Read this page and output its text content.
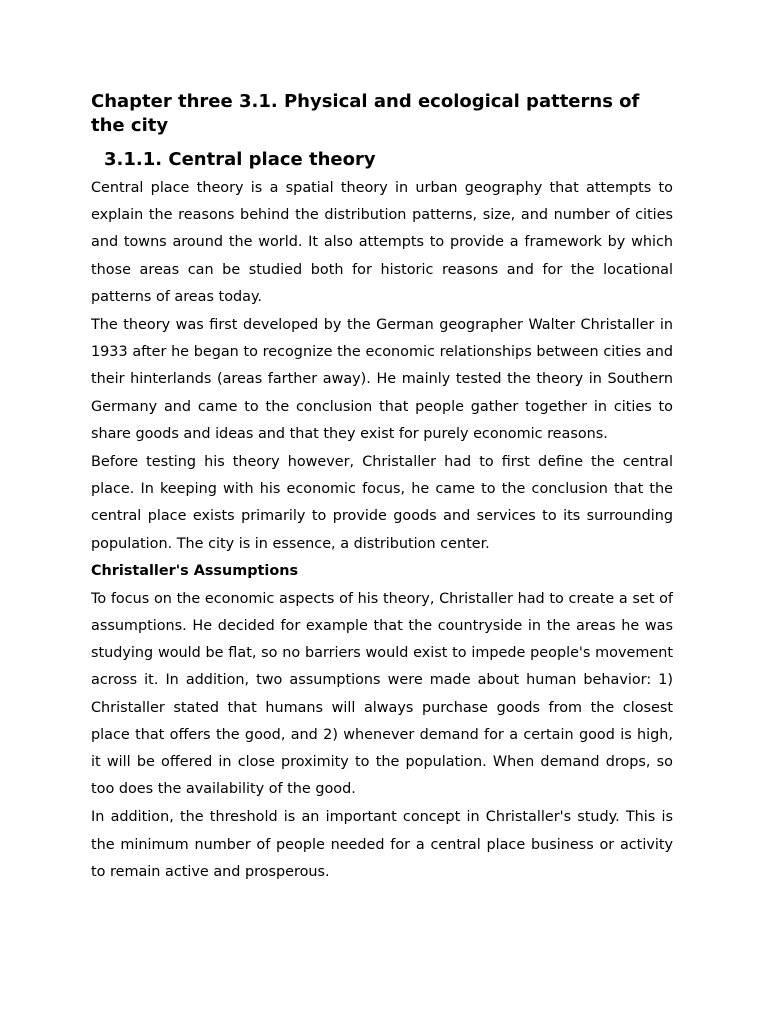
Chapter three 3.1. Physical and ecological patterns of the city
3.1.1. Central place theory

Central place theory is a spatial theory in urban geography that attempts to explain the reasons behind the distribution patterns, size, and number of cities and towns around the world. It also attempts to provide a framework by which those areas can be studied both for historic reasons and for the locational patterns of areas today.

The theory was first developed by the German geographer Walter Christaller in 1933 after he began to recognize the economic relationships between cities and their hinterlands (areas farther away). He mainly tested the theory in Southern Germany and came to the conclusion that people gather together in cities to share goods and ideas and that they exist for purely economic reasons.

Before testing his theory however, Christaller had to first define the central place. In keeping with his economic focus, he came to the conclusion that the central place exists primarily to provide goods and services to its surrounding population. The city is in essence, a distribution center.

Christaller's Assumptions

To focus on the economic aspects of his theory, Christaller had to create a set of assumptions. He decided for example that the countryside in the areas he was studying would be flat, so no barriers would exist to impede people's movement across it. In addition, two assumptions were made about human behavior: 1) Christaller stated that humans will always purchase goods from the closest place that offers the good, and 2) whenever demand for a certain good is high, it will be offered in close proximity to the population. When demand drops, so too does the availability of the good.

In addition, the threshold is an important concept in Christaller's study. This is the minimum number of people needed for a central place business or activity to remain active and prosperous.
